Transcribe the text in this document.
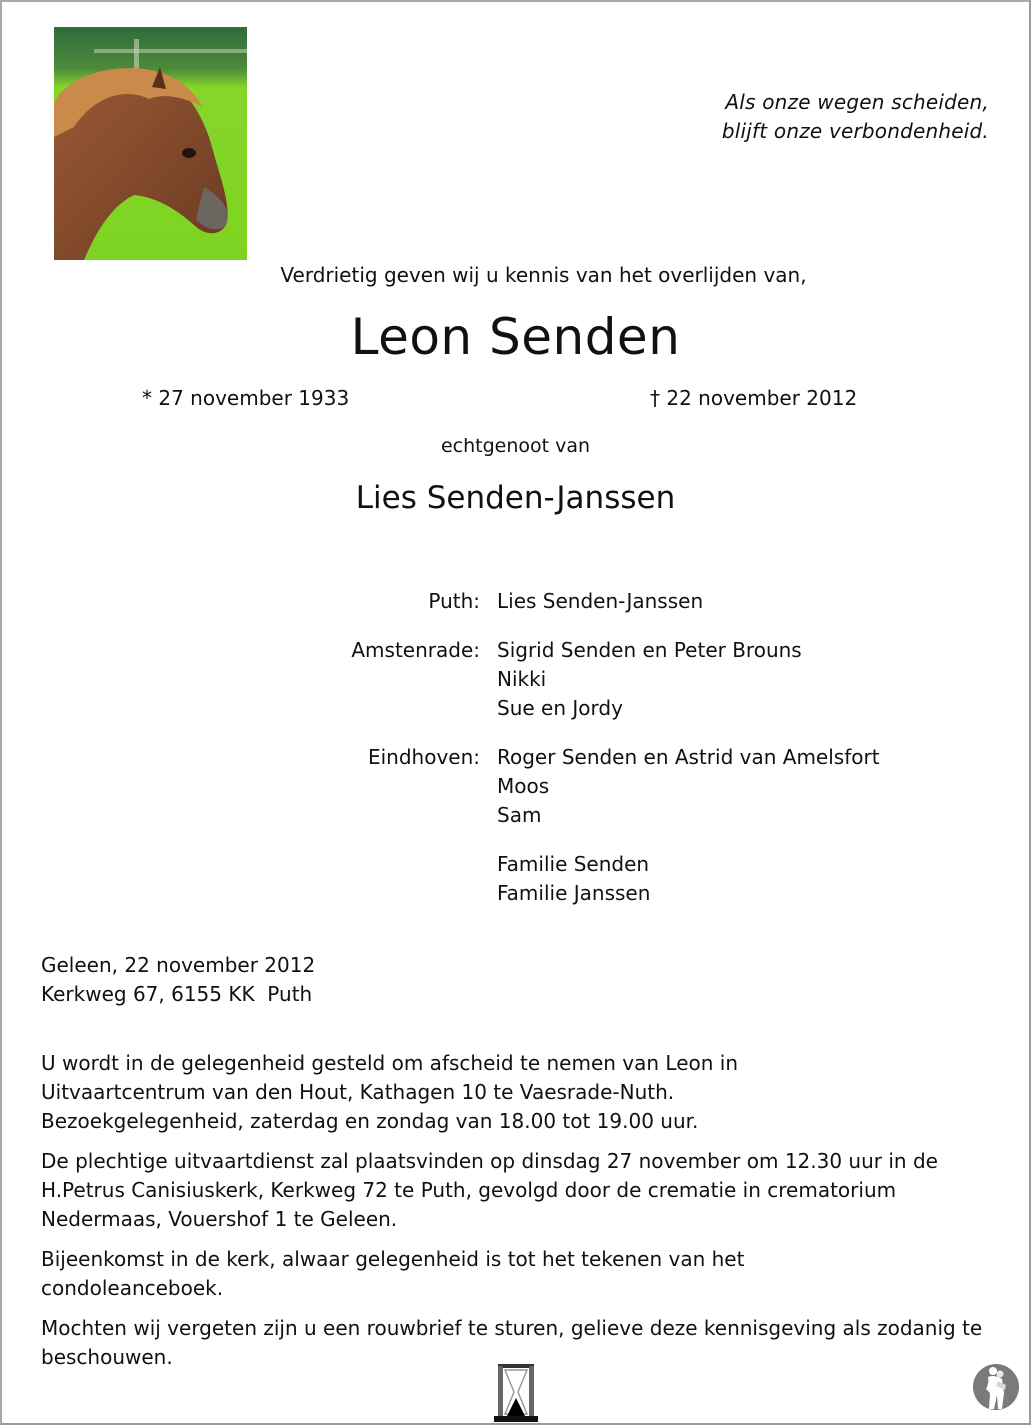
Als onze wegen scheiden,
blijft onze verbondenheid.
Verdrietig geven wij u kennis van het overlijden van,
Leon Senden
* 27 november 1933	† 22 november 2012
echtgenoot van
Lies Senden-Janssen
Puth: Lies Senden-Janssen
Amstenrade: Sigrid Senden en Peter Brouns
Nikki
Sue en Jordy
Eindhoven: Roger Senden en Astrid van Amelsfort
Moos
Sam
Familie Senden
Familie Janssen
Geleen, 22 november 2012
Kerkweg 67, 6155 KK  Puth

U wordt in de gelegenheid gesteld om afscheid te nemen van Leon in Uitvaartcentrum van den Hout, Kathagen 10 te Vaesrade-Nuth. Bezoekgelegenheid, zaterdag en zondag van 18.00 tot 19.00 uur.

De plechtige uitvaartdienst zal plaatsvinden op dinsdag 27 november om 12.30 uur in de H.Petrus Canisiuskerk, Kerkweg 72 te Puth, gevolgd door de crematie in crematorium Nedermaas, Vouershof 1 te Geleen.

Bijeenkomst in de kerk, alwaar gelegenheid is tot het tekenen van het condoleanceboek.

Mochten wij vergeten zijn u een rouwbrief te sturen, gelieve deze kennisgeving als zodanig te beschouwen.
